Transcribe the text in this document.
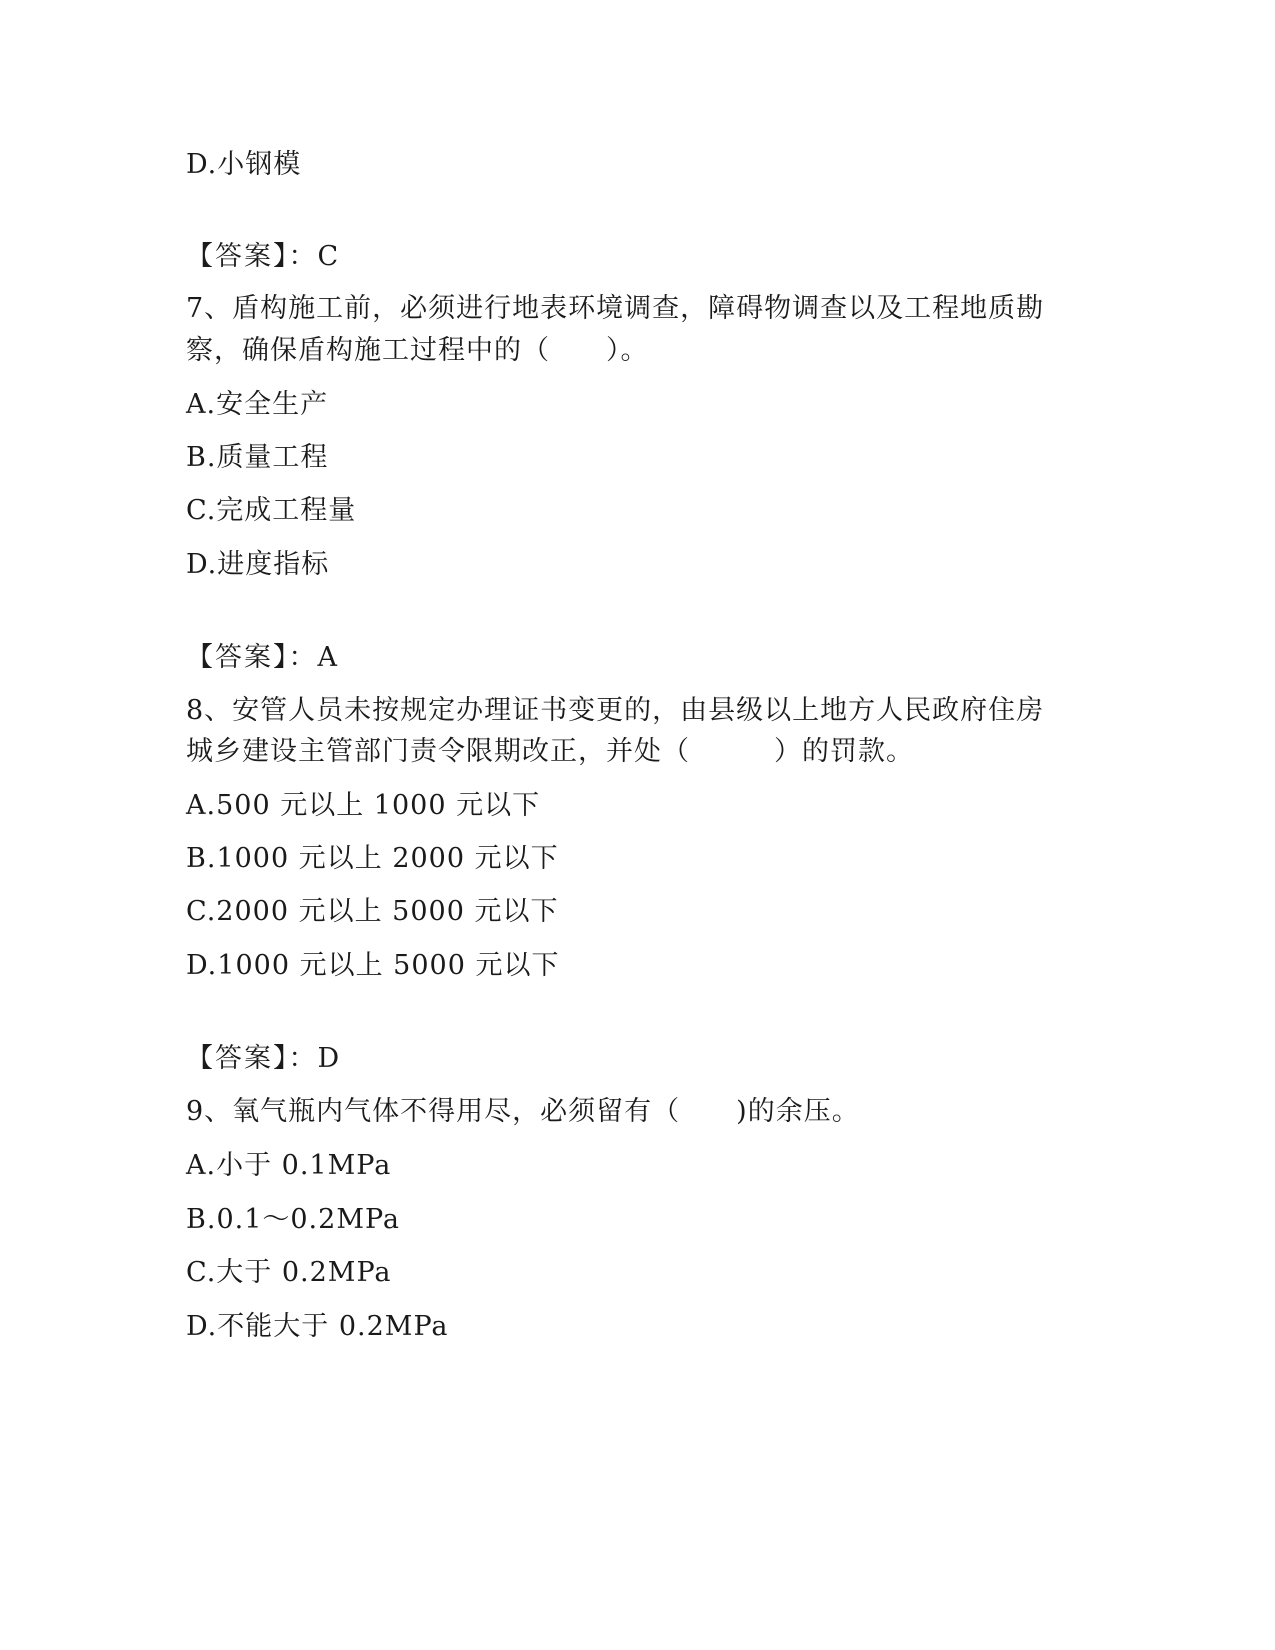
D.小钢模
【答案】：C
7、盾构施工前，必须进行地表环境调查，障碍物调查以及工程地质勘
察，确保盾构施工过程中的（　　）。
A.安全生产
B.质量工程
C.完成工程量
D.进度指标
【答案】：A
8、安管人员未按规定办理证书变更的，由县级以上地方人民政府住房
城乡建设主管部门责令限期改正，并处（　　　）的罚款。
A.500 元以上 1000 元以下
B.1000 元以上 2000 元以下
C.2000 元以上 5000 元以下
D.1000 元以上 5000 元以下
【答案】：D
9、氧气瓶内气体不得用尽，必须留有（　　)的余压。
A.小于 0.1MPa
B.0.1～0.2MPa
C.大于 0.2MPa
D.不能大于 0.2MPa
